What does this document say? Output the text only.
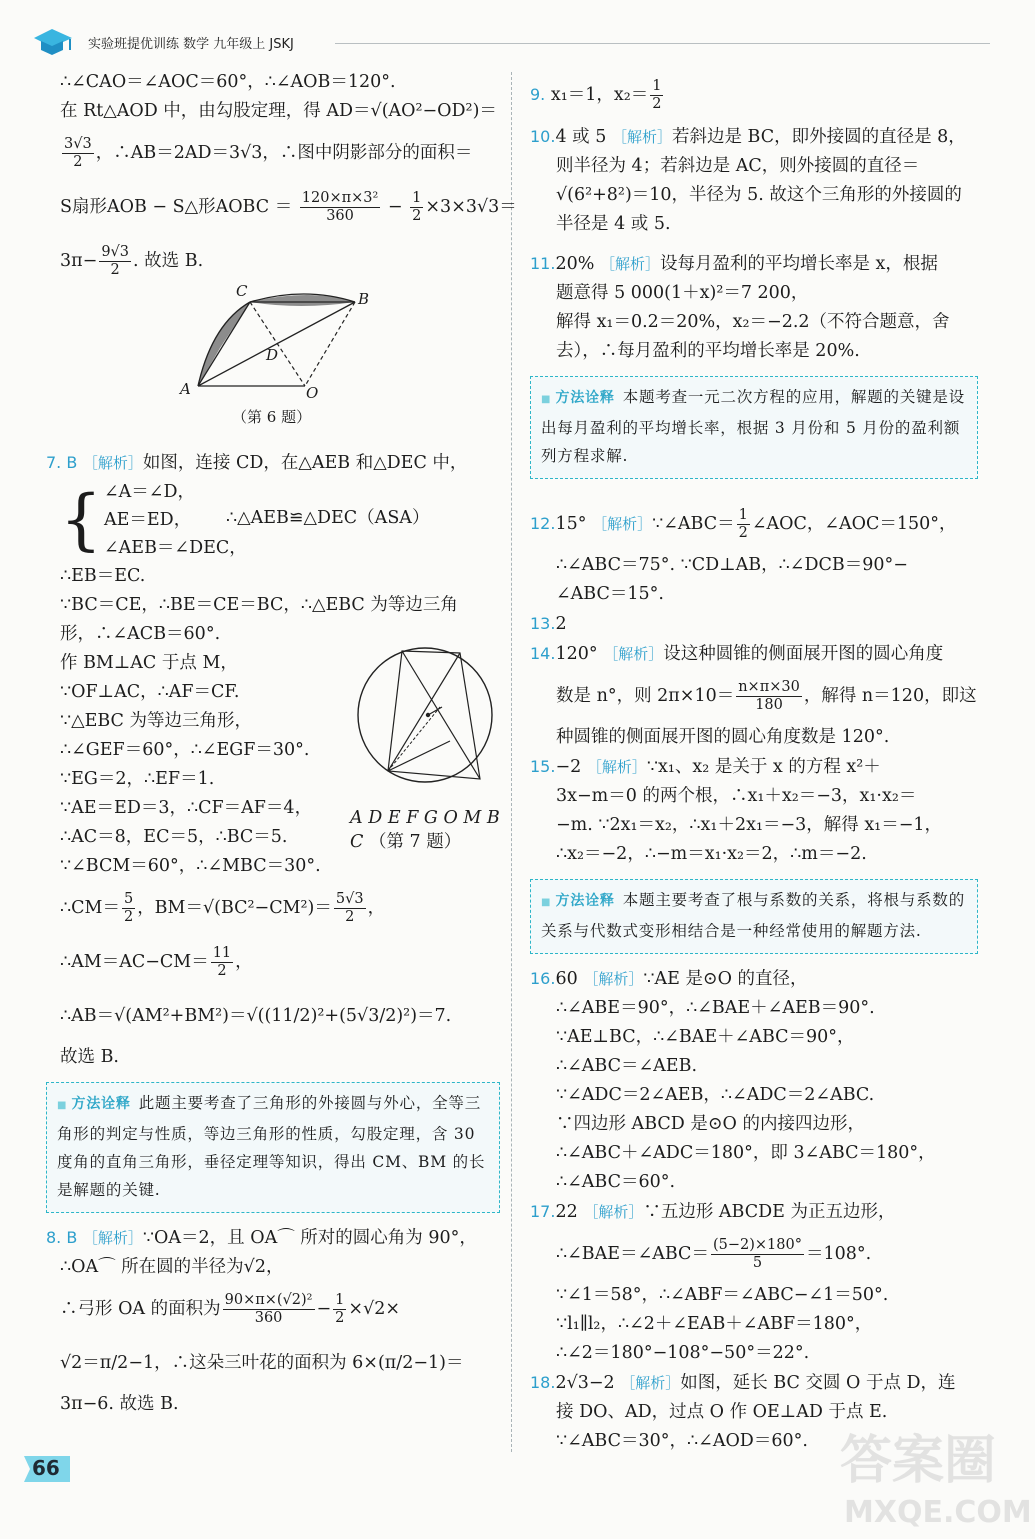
实验班提优训练 数学 九年级上 JSKJ
∴∠CAO＝∠AOC＝60°，∴∠AOB＝120°.
在 Rt△AOD 中，由勾股定理，得 AD＝√(AO²−OD²)＝
$\frac{3√3}{2}$ ，∴AB＝2AD＝3√3，∴图中阴影部分的面积＝
S扇形AOB − S△形AOBC ＝ $\frac{\text{120×π×3²}}{360} - \frac{1}{2} \times 3\times 3√3=$
$3\pi- \frac{9√3}{2}$ . 故选 B.
A
C	B
D
O
（第 6 题）
7. B ［解析］如图，连接 CD，在△AEB 和△DEC 中，
{ ∠A＝∠D，
AE＝ED，
∠AEB＝∠DEC，
∴△AEB≌△DEC（ASA）
∴EB＝EC.
∵BC＝CE，∴BE＝CE＝BC，∴△EBC 为等边三角
形，∴∠ACB＝60°.
作 BM⊥AC 于点 M，
∵OF⊥AC，∴AF＝CF.
∵△EBC 为等边三角形，
∴∠GEF＝60°，∴∠EGF＝30°.
∵EG＝2，∴EF＝1.
∵AE＝ED＝3，∴CF＝AF＝4，
∴AC＝8，EC＝5，∴BC＝5.
∵∠BCM＝60°，∴∠MBC＝30°.
A D E F G O M B C （第 7 题）
∴CM＝ $\frac{5}{2}$ ，$BM=√(BC^2-CM^2)= \frac{5√3}{2}$ ，
∴AM＝AC−CM＝ $\frac{11}{2}$ ，
∴AB＝√(AM²+BM²)＝√((11/2)²+(5√3/2)²)＝7.
故选 B.
■ 方法诠释 此题主要考查了三角形的外接圆与外心，全等三角形的判定与性质，等边三角形的性质，勾股定理，含 30 度角的直角三角形，垂径定理等知识，得出 CM、BM 的长是解题的关键.
8. B ［解析］∵OA＝2，且 OA⌒ 所对的圆心角为 90°，
∴OA⌒ 所在圆的半径为√2，
∴弓形 OA 的面积为 $\frac{\text{90×π×(√2)²}}{360} - \frac{1}{2} \times√2\times$
√2＝π/2−1，∴这朵三叶花的面积为 6×(π/2−1)＝
3π−6. 故选 B.
9. x₁＝1，$x_2= \frac{1}{2}$
10.4 或 5 ［解析］若斜边是 BC，即外接圆的直径是 8，
则半径为 4；若斜边是 AC，则外接圆的直径＝
√(6²+8²)＝10，半径为 5. 故这个三角形的外接圆的
半径是 4 或 5.
11.20% ［解析］设每月盈利的平均增长率是 x，根据
题意得 5 000(1＋x)²＝7 200，
解得 x₁＝0.2＝20%，x₂＝−2.2（不符合题意，舍
去），∴每月盈利的平均增长率是 20%.
■ 方法诠释 本题考查一元二次方程的应用，解题的关键是设出每月盈利的平均增长率，根据 3 月份和 5 月份的盈利额列方程求解.
12.15° ［解析］∵∠ABC＝ $\frac{1}{2}$ ∠AOC，∠AOC＝150°，
∴∠ABC＝75°. ∵CD⊥AB，∴∠DCB＝90°−
∠ABC＝15°.
13.2
14.120° ［解析］设这种圆锥的侧面展开图的圆心角度
数是 n°，则 $2\pi\times 10= \frac{n\times\pi\times 30}{180}$ ，解得 n＝120，即这
种圆锥的侧面展开图的圆心角度数是 120°.
15.−2 ［解析］∵x₁、x₂ 是关于 x 的方程 x²＋
3x−m＝0 的两个根，∴x₁＋x₂＝−3，x₁·x₂＝
−m. ∵2x₁＝x₂，∴x₁＋2x₁＝−3，解得 x₁＝−1，
∴x₂＝−2，∴−m＝x₁·x₂＝2，∴m＝−2.
■ 方法诠释 本题主要考查了根与系数的关系，将根与系数的关系与代数式变形相结合是一种经常使用的解题方法.
16.60 ［解析］∵AE 是⊙O 的直径，
∴∠ABE＝90°，∴∠BAE＋∠AEB＝90°.
∵AE⊥BC，∴∠BAE＋∠ABC＝90°，
∴∠ABC＝∠AEB.
∵∠ADC＝2∠AEB，∴∠ADC＝2∠ABC.
∵四边形 ABCD 是⊙O 的内接四边形，
∴∠ABC＋∠ADC＝180°，即 3∠ABC＝180°，
∴∠ABC＝60°.
17.22 ［解析］∵五边形 ABCDE 为正五边形，
∴∠BAE＝∠ABC＝ $\frac{(5-2)\times 180^\circ}{5} =108^\circ$.
∵∠1＝58°，∴∠ABF＝∠ABC−∠1＝50°.
∵l₁∥l₂，∴∠2＋∠EAB＋∠ABF＝180°，
∴∠2＝180°−108°−50°＝22°.
18.2√3−2 ［解析］如图，延长 BC 交圆 O 于点 D，连
接 DO、AD，过点 O 作 OE⊥AD 于点 E.
∵∠ABC＝30°，∴∠AOD＝60°.
66	答案圈
MXQE.COM
